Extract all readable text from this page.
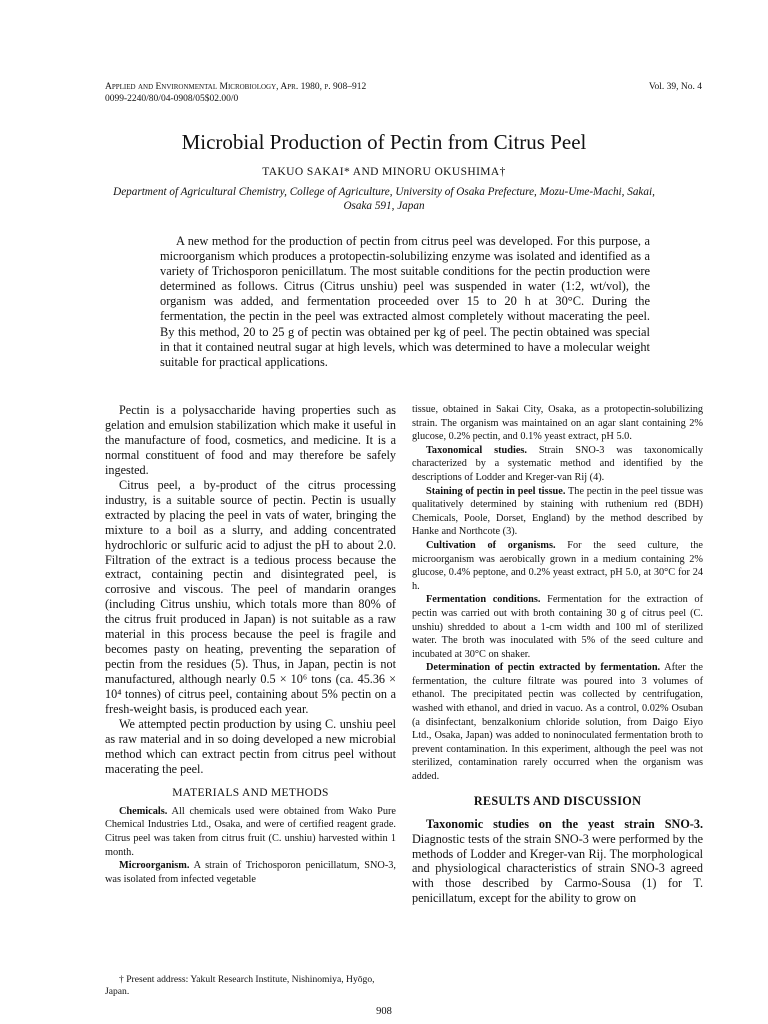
Applied and Environmental Microbiology, Apr. 1980, p. 908–912
0099-2240/80/04-0908/05$02.00/0
Vol. 39, No. 4
Microbial Production of Pectin from Citrus Peel
TAKUO SAKAI* AND MINORU OKUSHIMA†
Department of Agricultural Chemistry, College of Agriculture, University of Osaka Prefecture, Mozu-Ume-Machi, Sakai, Osaka 591, Japan

A new method for the production of pectin from citrus peel was developed. For this purpose, a microorganism which produces a protopectin-solubilizing enzyme was isolated and identified as a variety of Trichosporon penicillatum. The most suitable conditions for the pectin production were determined as follows. Citrus (Citrus unshiu) peel was suspended in water (1:2, wt/vol), the organism was added, and fermentation proceeded over 15 to 20 h at 30°C. During the fermentation, the pectin in the peel was extracted almost completely without macerating the peel. By this method, 20 to 25 g of pectin was obtained per kg of peel. The pectin obtained was special in that it contained neutral sugar at high levels, which was determined to have a molecular weight suitable for practical applications.

Pectin is a polysaccharide having properties such as gelation and emulsion stabilization which make it useful in the manufacture of food, cosmetics, and medicine. It is a normal constituent of food and may therefore be safely ingested.

Citrus peel, a by-product of the citrus processing industry, is a suitable source of pectin. Pectin is usually extracted by placing the peel in vats of water, bringing the mixture to a boil as a slurry, and adding concentrated hydrochloric or sulfuric acid to adjust the pH to about 2.0. Filtration of the extract is a tedious process because the extract, containing pectin and disintegrated peel, is corrosive and viscous. The peel of mandarin oranges (including Citrus unshiu, which totals more than 80% of the citrus fruit produced in Japan) is not suitable as a raw material in this process because the peel is fragile and becomes pasty on heating, preventing the separation of pectin from the residues (5). Thus, in Japan, pectin is not manufactured, although nearly 0.5 × 10⁶ tons (ca. 45.36 × 10⁴ tonnes) of citrus peel, containing about 5% pectin on a fresh-weight basis, is produced each year.

We attempted pectin production by using C. unshiu peel as raw material and in so doing developed a new microbial method which can extract pectin from citrus peel without macerating the peel.

MATERIALS AND METHODS

Chemicals. All chemicals used were obtained from Wako Pure Chemical Industries Ltd., Osaka, and were of certified reagent grade. Citrus peel was taken from citrus fruit (C. unshiu) harvested within 1 month.

Microorganism. A strain of Trichosporon penicillatum, SNO-3, was isolated from infected vegetable

† Present address: Yakult Research Institute, Nishinomiya, Hyōgo, Japan.

tissue, obtained in Sakai City, Osaka, as a protopectin-solubilizing strain. The organism was maintained on an agar slant containing 2% glucose, 0.2% pectin, and 0.1% yeast extract, pH 5.0.

Taxonomical studies. Strain SNO-3 was taxonomically characterized by a systematic method and identified by the descriptions of Lodder and Kreger-van Rij (4).

Staining of pectin in peel tissue. The pectin in the peel tissue was qualitatively determined by staining with ruthenium red (BDH) Chemicals, Poole, Dorset, England) by the method described by Hanke and Northcote (3).

Cultivation of organisms. For the seed culture, the microorganism was aerobically grown in a medium containing 2% glucose, 0.4% peptone, and 0.2% yeast extract, pH 5.0, at 30°C for 24 h.

Fermentation conditions. Fermentation for the extraction of pectin was carried out with broth containing 30 g of citrus peel (C. unshiu) shredded to about a 1-cm width and 100 ml of sterilized water. The broth was inoculated with 5% of the seed culture and incubated at 30°C on shaker.

Determination of pectin extracted by fermentation. After the fermentation, the culture filtrate was poured into 3 volumes of ethanol. The precipitated pectin was collected by centrifugation, washed with ethanol, and dried in vacuo. As a control, 0.02% Osuban (a disinfectant, benzalkonium chloride solution, from Daigo Eiyo Ltd., Osaka, Japan) was added to noninoculated fermentation broth to prevent contamination. In this experiment, although the peel was not sterilized, contamination rarely occurred when the organism was added.

RESULTS AND DISCUSSION

Taxonomic studies on the yeast strain SNO-3. Diagnostic tests of the strain SNO-3 were performed by the methods of Lodder and Kreger-van Rij. The morphological and physiological characteristics of strain SNO-3 agreed with those described by Carmo-Sousa (1) for T. penicillatum, except for the ability to grow on

908
